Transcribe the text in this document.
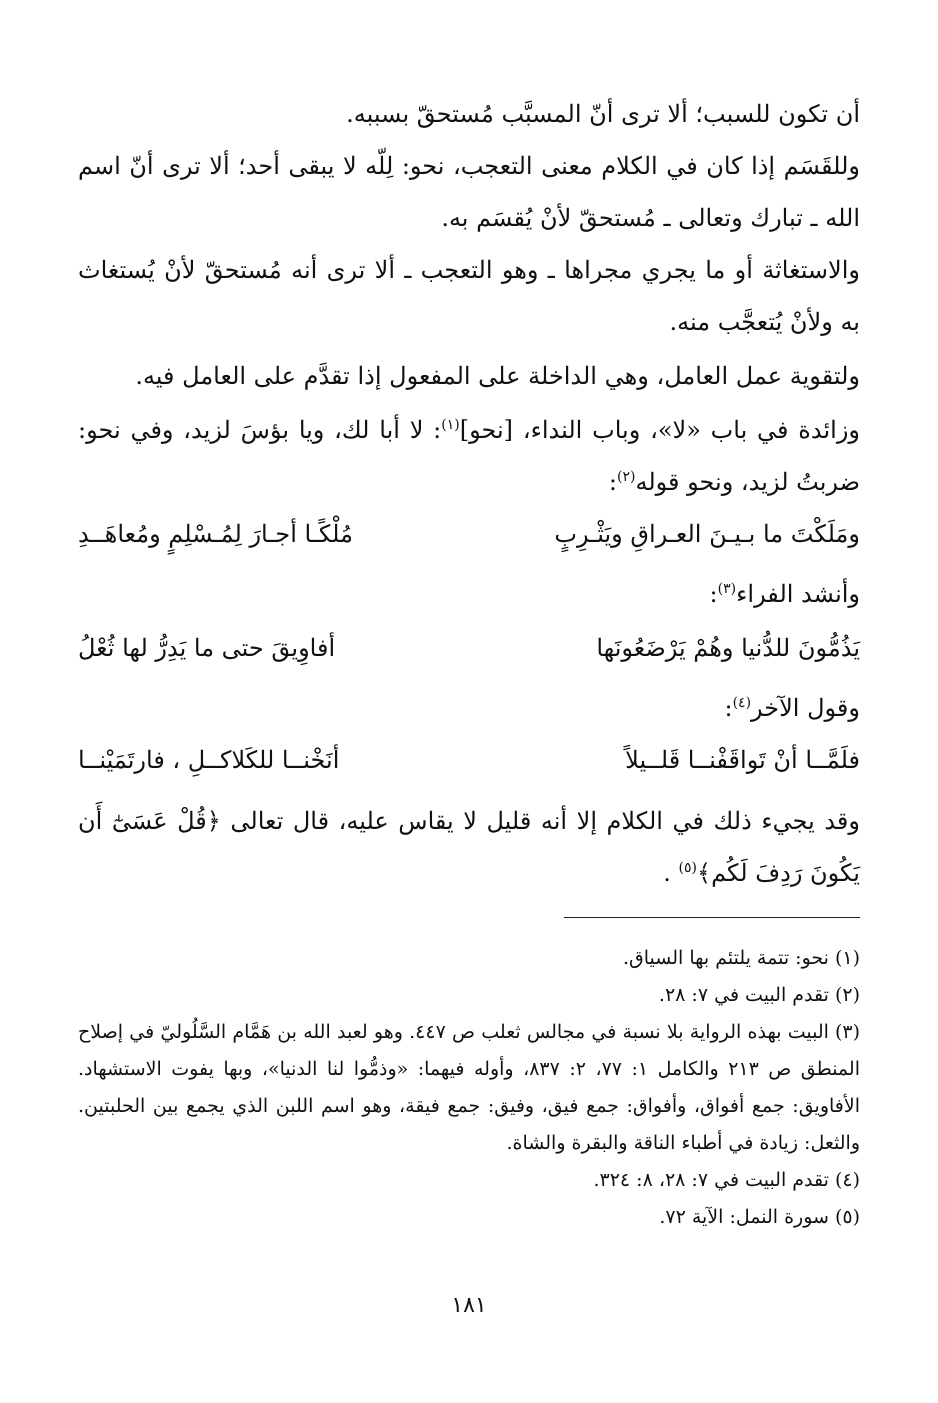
أن تكون للسبب؛ ألا ترى أنّ المسبَّب مُستحقّ بسببه.
وللقَسَم إذا كان في الكلام معنى التعجب، نحو: لِلّه لا يبقى أحد؛ ألا ترى أنّ اسم الله ـ تبارك وتعالى ـ مُستحقّ لأنْ يُقسَم به.
والاستغاثة أو ما يجري مجراها ـ وهو التعجب ـ ألا ترى أنه مُستحقّ لأنْ يُستغاث به ولأنْ يُتعجَّب منه.
ولتقوية عمل العامل، وهي الداخلة على المفعول إذا تقدَّم على العامل فيه.
وزائدة في باب «لا»، وباب النداء، [نحو]$^{(١)}$: لا أبا لك، ويا بؤسَ لزيد، وفي نحو: ضربتُ لزيد، ونحو قوله$^{(٢)}$:
ومَلَكْتَ ما بـيـنَ العـراقِ ويَثْـرِبٍ
مُلْكًـا أجـارَ لِمُـسْلِمٍ ومُعاهَــدِ
وأنشد الفراء$^{(٣)}$:
يَذُمُّونَ للدُّنيا وهُمْ يَرْضَعُونَها
أفاوِيقَ حتى ما يَدِرُّ لها ثُعْلُ
وقول الآخر$^{(٤)}$:
فلَمَّــا أنْ تَواقَفْنــا قَلــيلاً
أنَخْنــا للكَلاكــلِ ، فارتَمَيْنــا
وقد يجيء ذلك في الكلام إلا أنه قليل لا يقاس عليه، قال تعالى ﴿قُلْ عَسَىٰٓ أَن يَكُونَ رَدِفَ لَكُم﴾$^{(٥)}$ .
(١)نحو: تتمة يلتئم بها السياق.
(٢)تقدم البيت في ٧: ٢٨.
(٣)البيت بهذه الرواية بلا نسبة في مجالس ثعلب ص ٤٤٧. وهو لعبد الله بن هَمَّام السَّلُوليّ في إصلاح المنطق ص ٢١٣ والكامل ١: ٧٧، ٢: ٨٣٧، وأوله فيهما: «وذمُّوا لنا الدنيا»، وبها يفوت الاستشهاد. الأفاويق: جمع أفواق، وأفواق: جمع فيق، وفيق: جمع فيقة، وهو اسم اللبن الذي يجمع بين الحلبتين. والثعل: زيادة في أطباء الناقة والبقرة والشاة.
(٤)تقدم البيت في ٧: ٢٨، ٨: ٣٢٤.
(٥)سورة النمل: الآية ٧٢.
١٨١
